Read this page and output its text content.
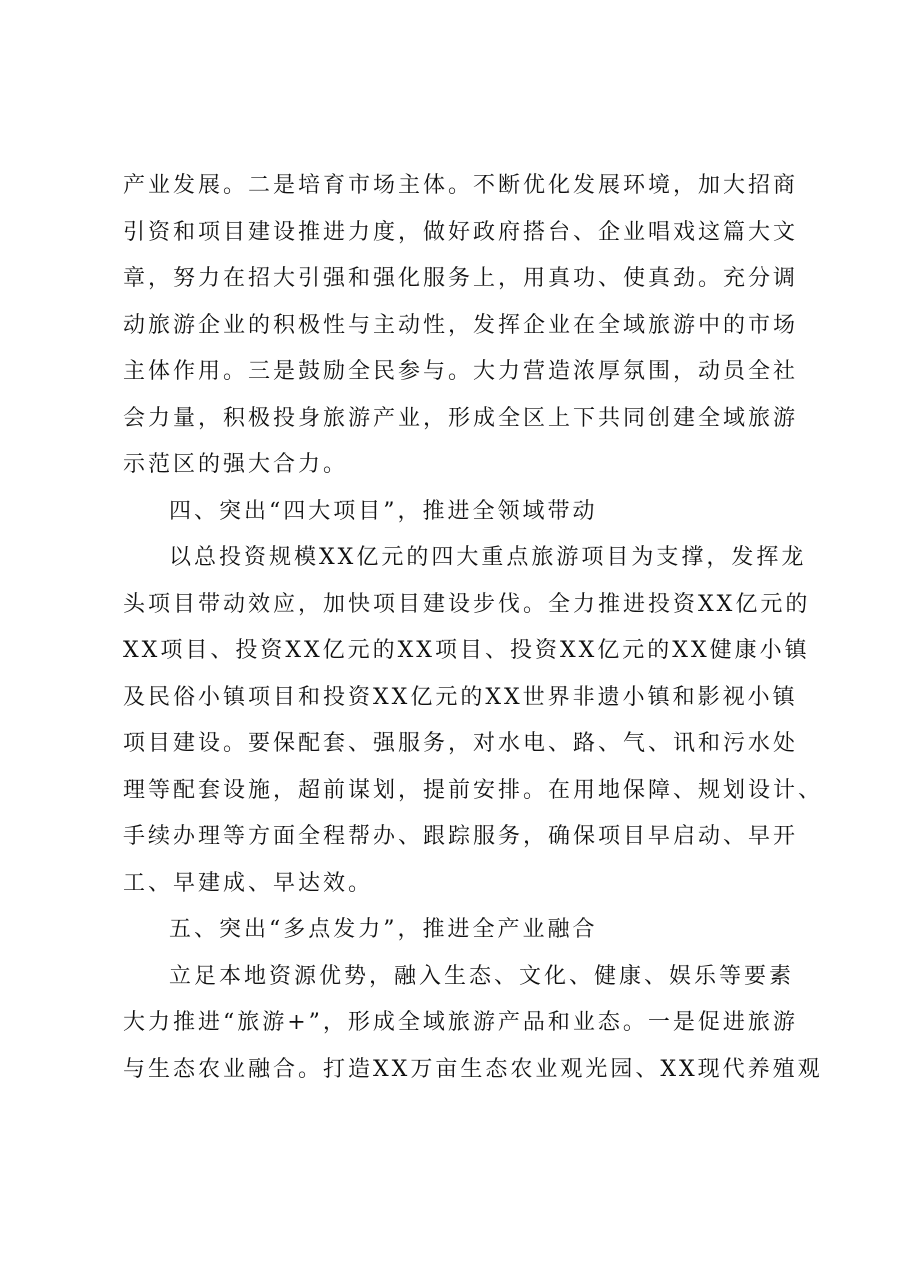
产业发展。二是培育市场主体。不断优化发展环境，加大招商
引资和项目建设推进力度，做好政府搭台、企业唱戏这篇大文
章，努力在招大引强和强化服务上，用真功、使真劲。充分调
动旅游企业的积极性与主动性，发挥企业在全域旅游中的市场
主体作用。三是鼓励全民参与。大力营造浓厚氛围，动员全社
会力量，积极投身旅游产业，形成全区上下共同创建全域旅游
示范区的强大合力。
四、突出“四大项目”，推进全领域带动
以总投资规模XX亿元的四大重点旅游项目为支撑，发挥龙
头项目带动效应，加快项目建设步伐。全力推进投资XX亿元的
XX项目、投资XX亿元的XX项目、投资XX亿元的XX健康小镇
及民俗小镇项目和投资XX亿元的XX世界非遗小镇和影视小镇
项目建设。要保配套、强服务，对水电、路、气、讯和污水处
理等配套设施，超前谋划，提前安排。在用地保障、规划设计、
手续办理等方面全程帮办、跟踪服务，确保项目早启动、早开
工、早建成、早达效。
五、突出“多点发力”，推进全产业融合
立足本地资源优势，融入生态、文化、健康、娱乐等要素
大力推进“旅游+”，形成全域旅游产品和业态。一是促进旅游
与生态农业融合。打造XX万亩生态农业观光园、XX现代养殖观
